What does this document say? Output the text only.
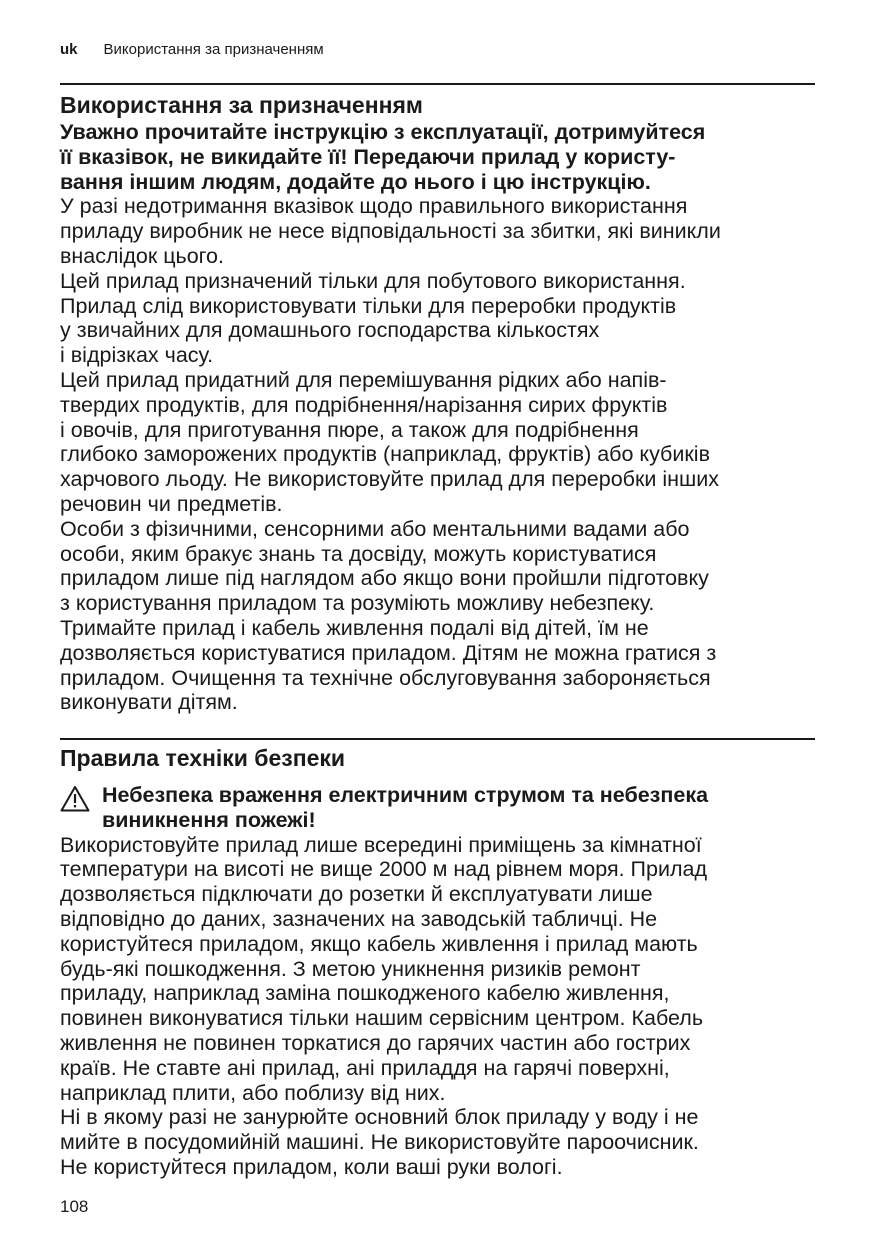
uk Використання за призначенням
Використання за призначенням
Уважно прочитайте інструкцію з експлуатації, дотримуйтеся
її вказівок, не викидайте її! Передаючи прилад у користу-
вання іншим людям, додайте до нього і цю інструкцію.
У разі недотримання вказівок щодо правильного використання
приладу виробник не несе відповідальності за збитки, які виникли
внаслідок цього.
Цей прилад призначений тільки для побутового використання.
Прилад слід використовувати тільки для переробки продуктів
у звичайних для домашнього господарства кількостях
і відрізках часу.
Цей прилад придатний для перемішування рідких або напів-
твердих продуктів, для подрібнення/нарізання сирих фруктів
і овочів, для приготування пюре, а також для подрібнення
глибоко заморожених продуктів (наприклад, фруктів) або кубиків
харчового льоду. Не використовуйте прилад для переробки інших
речовин чи предметів.
Особи з фізичними, сенсорними або ментальними вадами або
особи, яким бракує знань та досвіду, можуть користуватися
приладом лише під наглядом або якщо вони пройшли підготовку
з користування приладом та розуміють можливу небезпеку.
Тримайте прилад і кабель живлення подалі від дітей, їм не
дозволяється користуватися приладом. Дітям не можна гратися з
приладом. Очищення та технічне обслуговування забороняється
виконувати дітям.
Правила техніки безпеки
Небезпека враження електричним струмом та небезпека
виникнення пожежі!
Використовуйте прилад лише всередині приміщень за кімнатної
температури на висоті не вище 2000 м над рівнем моря. Прилад
дозволяється підключати до розетки й експлуатувати лише
відповідно до даних, зазначених на заводській табличці. Не
користуйтеся приладом, якщо кабель живлення і прилад мають
будь-які пошкодження. З метою уникнення ризиків ремонт
приладу, наприклад заміна пошкодженого кабелю живлення,
повинен виконуватися тільки нашим сервісним центром. Кабель
живлення не повинен торкатися до гарячих частин або гострих
країв. Не ставте ані прилад, ані приладдя на гарячі поверхні,
наприклад плити, або поблизу від них.
Ні в якому разі не занурюйте основний блок приладу у воду і не
мийте в посудомийній машині. Не використовуйте пароочисник.
Не користуйтеся приладом, коли ваші руки вологі.
108
